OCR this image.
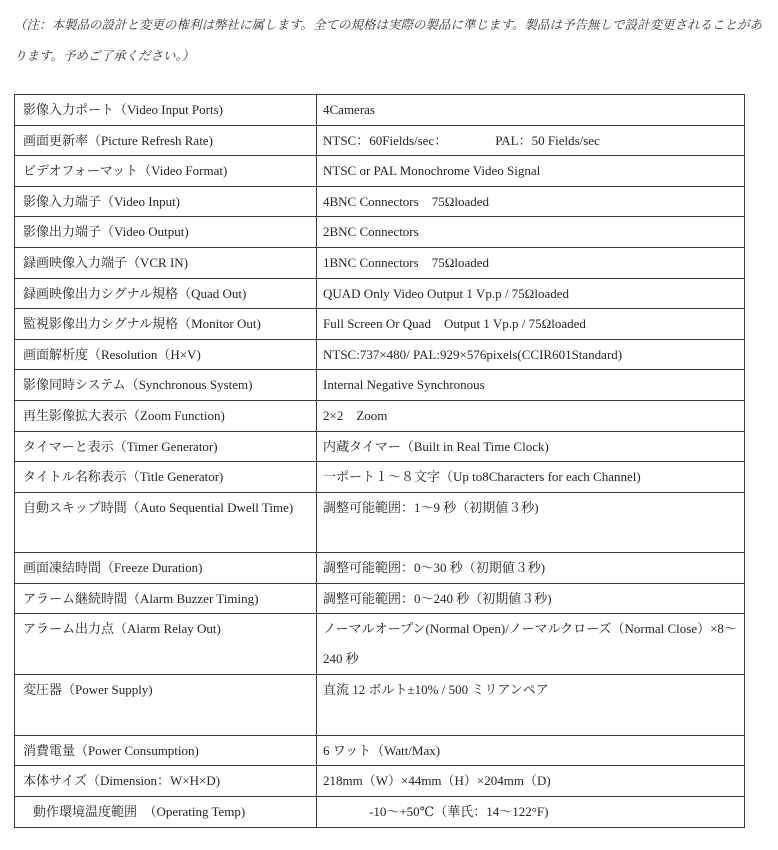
（注：本製品の設計と変更の権利は弊社に属します。全ての規格は実際の製品に準じます。製品は予告無しで設計変更されることがあります。予めご了承ください。）
影像入力ポート（Video Input Ports)	4Cameras
画面更新率（Picture Refresh Rate)	NTSC：60Fields/sec： PAL：50 Fields/sec
ビデオフォーマット（Video Format)	NTSC or PAL Monochrome Video Signal
影像入力端子（Video Input)	4BNC Connectors　75Ωloaded
影像出力端子（Video Output)	2BNC Connectors
録画映像入力端子（VCR IN)	1BNC Connectors　75Ωloaded
録画映像出力シグナル規格（Quad Out)	QUAD Only Video Output 1 Vp.p / 75Ωloaded
監視影像出力シグナル規格（Monitor Out)	Full Screen Or Quad　Output 1 Vp.p / 75Ωloaded
画面解析度（Resolution（H×V)	NTSC:737×480/ PAL:929×576pixels(CCIR601Standard)
影像同時システム（Synchronous System)	Internal Negative Synchronous
再生影像拡大表示（Zoom Function)	2×2　Zoom
タイマーと表示（Timer Generator)	内蔵タイマー（Built in Real Time Clock)
タイトル名称表示（Title Generator)	一ポート１～８文字（Up to8Characters for each Channel)
自動スキップ時間（Auto Sequential Dwell Time)	調整可能範囲：1～9 秒（初期値３秒)
画面凍結時間（Freeze Duration)	調整可能範囲：0～30 秒（初期値３秒)
アラーム継続時間（Alarm Buzzer Timing)	調整可能範囲：0～240 秒（初期値３秒)
アラーム出力点（Alarm Relay Out)	ノーマルオープン(Normal Open)/ノーマルクローズ（Normal Close）×8～240 秒
変圧器（Power Supply)	直流 12 ボルト±10% / 500 ミリアンペア
消費電量（Power Consumption)	6 ワット（Watt/Max)
本体サイズ（Dimension：W×H×D)	218mm（W）×44mm（H）×204mm（D)
動作環境温度範囲　（Operating Temp)	-10～+50℃（華氏：14～122°F)
